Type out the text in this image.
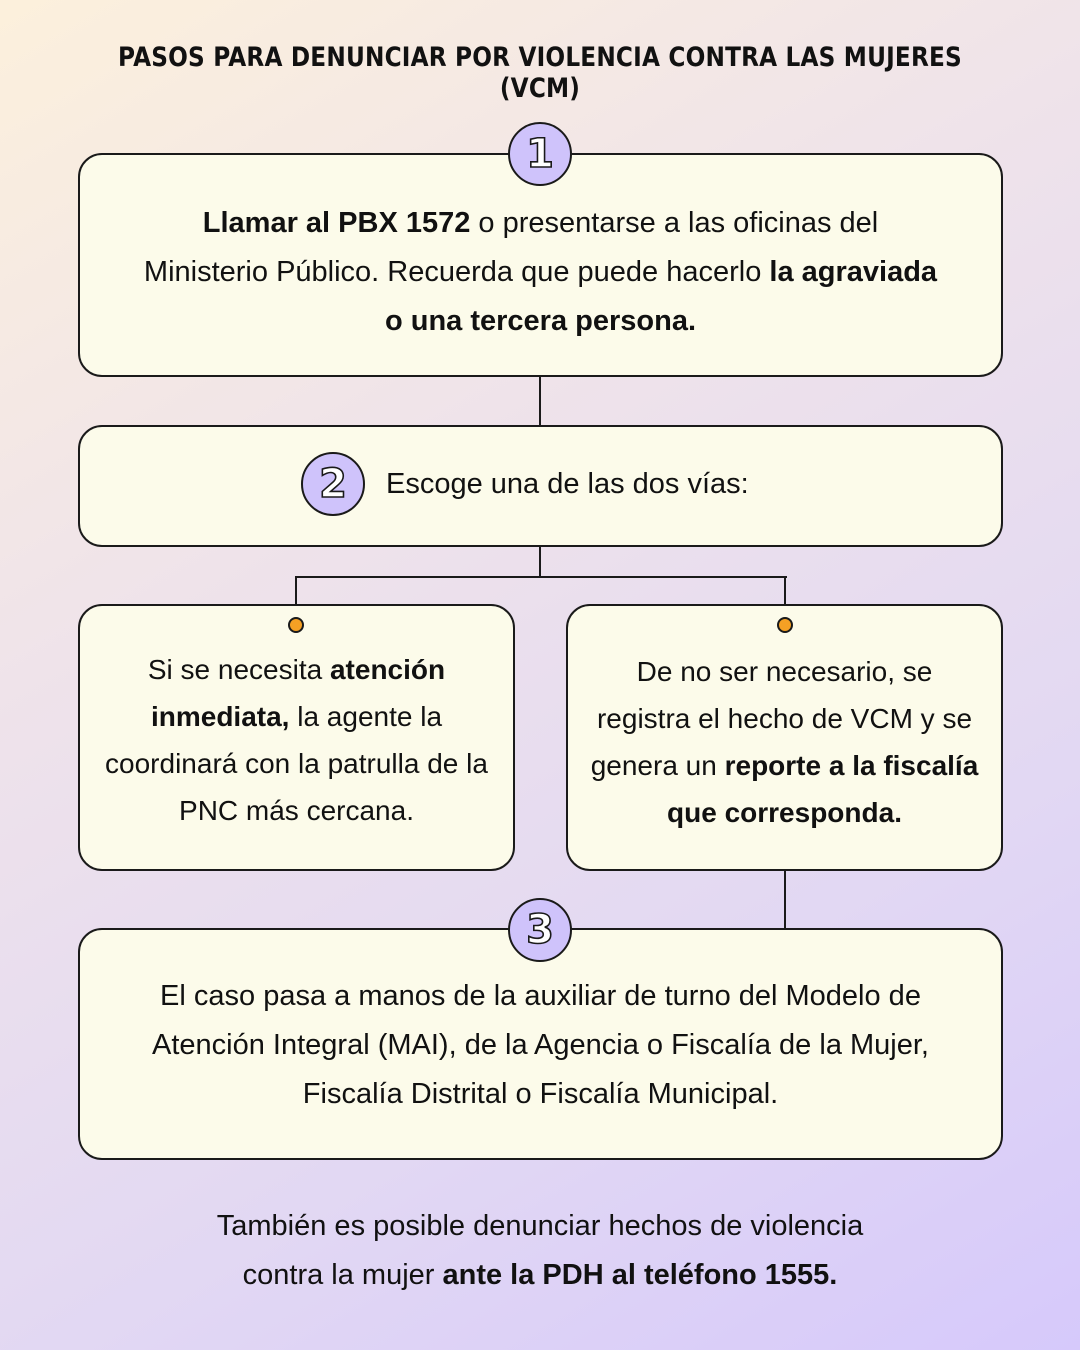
PASOS PARA DENUNCIAR POR VIOLENCIA CONTRA LAS MUJERES (VCM)

Llamar al PBX 1572 o presentarse a las oficinas del Ministerio Público. Recuerda que puede hacerlo la agraviada o una tercera persona.

1
2 Escoge una de las dos vías:

Si se necesita atención inmediata, la agente la coordinará con la patrulla de la PNC más cercana.

De no ser necesario, se registra el hecho de VCM y se genera un reporte a la fiscalía que corresponda.

El caso pasa a manos de la auxiliar de turno del Modelo de Atención Integral (MAI), de la Agencia o Fiscalía de la Mujer, Fiscalía Distrital o Fiscalía Municipal.

3

También es posible denunciar hechos de violencia
contra la mujer ante la PDH al teléfono 1555.
